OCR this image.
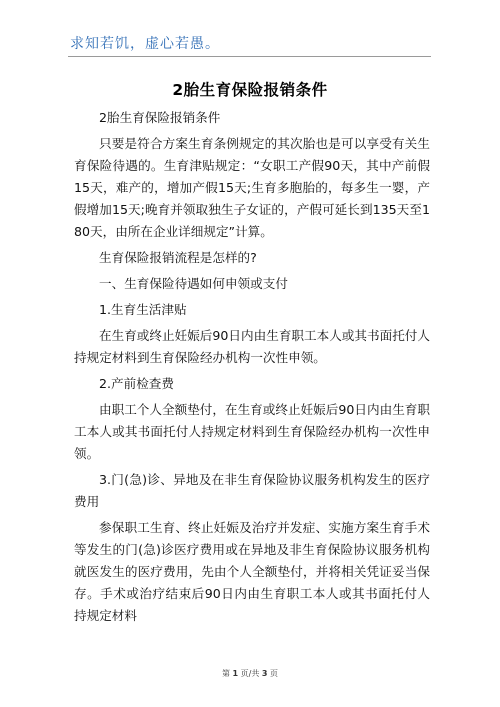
求知若饥，虚心若愚。
2胎生育保险报销条件

2胎生育保险报销条件

只要是符合方案生育条例规定的其次胎也是可以享受有关生育保险待遇的。生育津贴规定：“女职工产假90天，其中产前假15天，难产的，增加产假15天;生育多胞胎的，每多生一婴，产假增加15天;晚育并领取独生子女证的，产假可延长到135天至180天，由所在企业详细规定”计算。

生育保险报销流程是怎样的?

一、生育保险待遇如何申领或支付

1.生育生活津贴

在生育或终止妊娠后90日内由生育职工本人或其书面托付人持规定材料到生育保险经办机构一次性申领。

2.产前检查费

由职工个人全额垫付，在生育或终止妊娠后90日内由生育职工本人或其书面托付人持规定材料到生育保险经办机构一次性申领。

3.门(急)诊、异地及在非生育保险协议服务机构发生的医疗费用

参保职工生育、终止妊娠及治疗并发症、实施方案生育手术等发生的门(急)诊医疗费用或在异地及非生育保险协议服务机构就医发生的医疗费用，先由个人全额垫付，并将相关凭证妥当保存。手术或治疗结束后90日内由生育职工本人或其书面托付人持规定材料

第 1 页/共 3 页
